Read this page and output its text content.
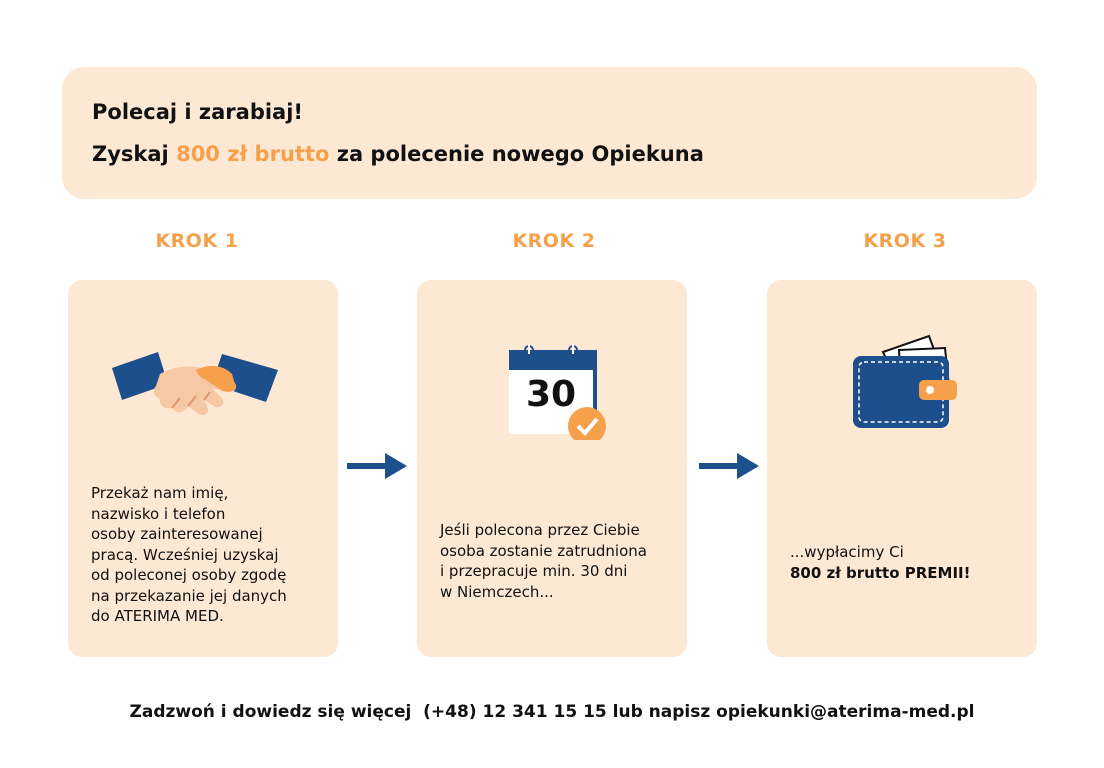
Polecaj i zarabiaj!
Zyskaj 800 zł brutto za polecenie nowego Opiekuna
KROK 1	KROK 2	KROK 3
Przekaż nam imię,
nazwisko i telefon
osoby zainteresowanej
pracą. Wcześniej uzyskaj
od poleconej osoby zgodę
na przekazanie jej danych
do ATERIMA MED.
30
Jeśli polecona przez Ciebie
osoba zostanie zatrudniona
i przepracuje min. 30 dni
w Niemczech...
...wypłacimy Ci
800 zł brutto PREMII!
Zadzwoń i dowiedz się więcej  (+48) 12 341 15 15 lub napisz opiekunki@aterima-med.pl
